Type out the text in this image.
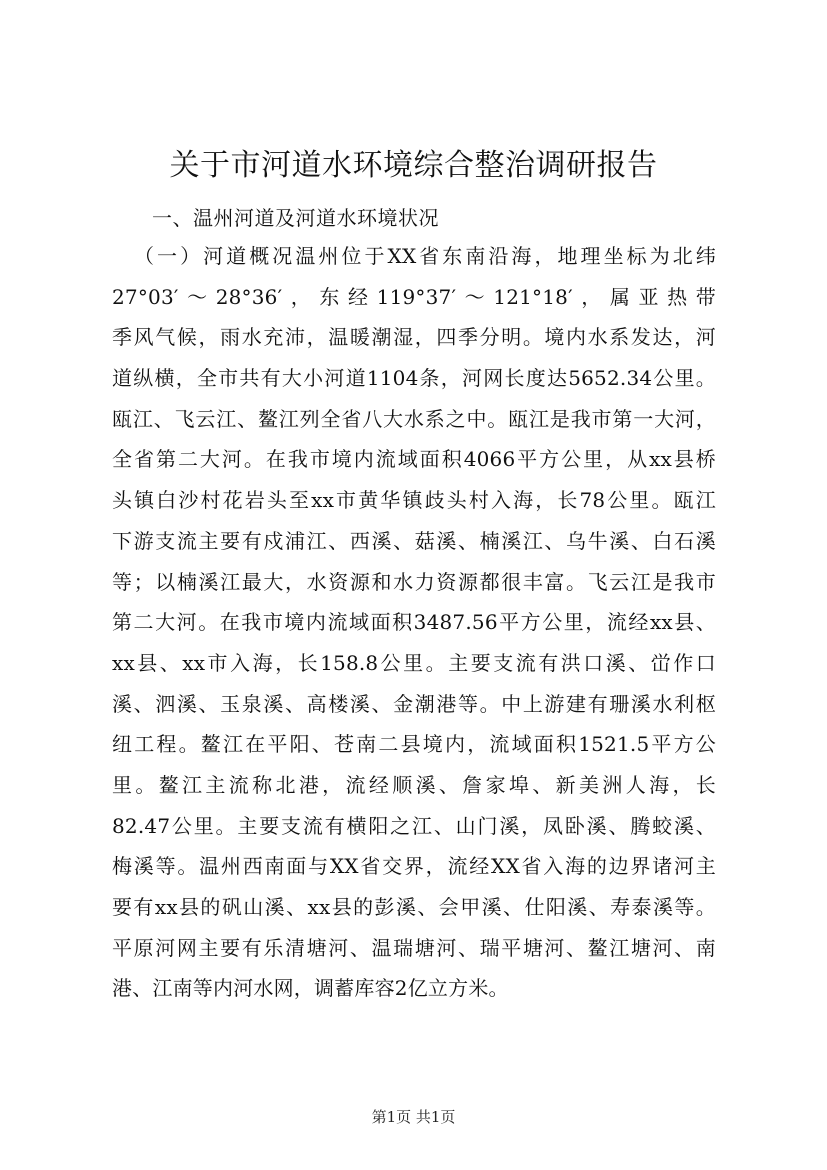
关于市河道水环境综合整治调研报告

一、温州河道及河道水环境状况

（一）河道概况温州位于XX省东南沿海，地理坐标为北纬
27°03′～28°36′，东经119°37′～121°18′，属亚热带
季风气候，雨水充沛，温暖潮湿，四季分明。境内水系发达，河
道纵横，全市共有大小河道1104条，河网长度达5652.34公里。
瓯江、飞云江、鳌江列全省八大水系之中。瓯江是我市第一大河，
全省第二大河。在我市境内流域面积4066平方公里，从xx县桥
头镇白沙村花岩头至xx市黄华镇歧头村入海，长78公里。瓯江
下游支流主要有戍浦江、西溪、菇溪、楠溪江、乌牛溪、白石溪
等；以楠溪江最大，水资源和水力资源都很丰富。飞云江是我市
第二大河。在我市境内流域面积3487.56平方公里，流经xx县、
xx县、xx市入海，长158.8公里。主要支流有洪口溪、峃作口
溪、泗溪、玉泉溪、高楼溪、金潮港等。中上游建有珊溪水利枢
纽工程。鳌江在平阳、苍南二县境内，流域面积1521.5平方公
里。鳌江主流称北港，流经顺溪、詹家埠、新美洲人海，长
82.47公里。主要支流有横阳之江、山门溪，凤卧溪、腾蛟溪、
梅溪等。温州西南面与XX省交界，流经XX省入海的边界诸河主
要有xx县的矾山溪、xx县的彭溪、会甲溪、仕阳溪、寿泰溪等。
平原河网主要有乐清塘河、温瑞塘河、瑞平塘河、鳌江塘河、南
港、江南等内河水网，调蓄库容2亿立方米。
第1页 共1页
